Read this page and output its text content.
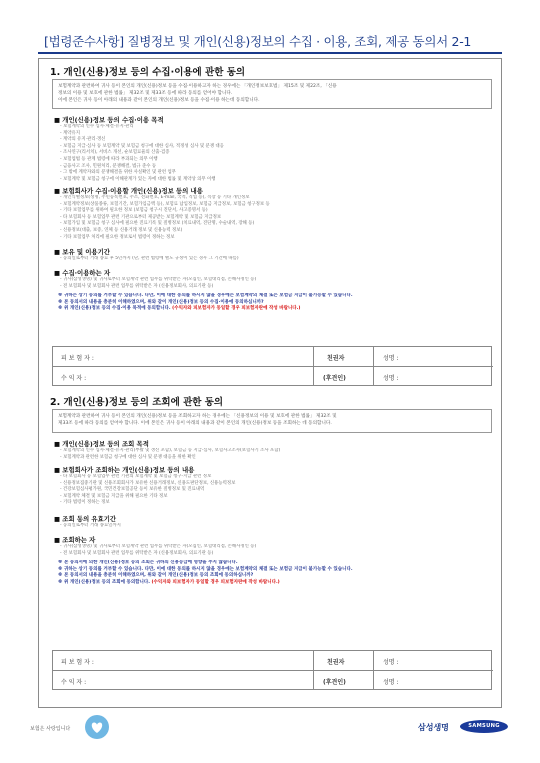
[법령준수사항] 질병정보 및 개인(신용)정보의 수집 · 이용, 조회, 제공 동의서 2-1
1. 개인(신용)정보 등의 수집·이용에 관한 동의
보험계약과 관련하여 귀사 등이 본인의 개인(신용)정보 등을 수집·이용하고자 하는 경우에는 「개인정보보호법」 제15조 및 제22조, 「신용
정보의 이용 및 보호에 관한 법률」 제32조 및 제33조 등에 따라 동의를 얻어야 합니다.
이에 본인은 귀사 등이 아래의 내용과 같이 본인의 개인(신용)정보 등을 수집·이용 하는데 동의합니다.
■ 개인(신용)정보 등의 수집·이용 목적
- 보험계약의 인수 심사·체결·유지·관리
- 계약유지
- 계약의 유지·관리·갱신
- 보험금 지급·심사 등 보험계약 및 보험금 청구에 대한 심사, 적정성 심사 및 분쟁 대응
- 조사연구(리서치), 서비스 개선, 순보험료율의 산출·검증
- 보험업법 등 관계 법령에 따라 부과되는 의무 이행
- 금융사고 조사, 민원처리, 분쟁해결, 법규 준수 등
- 그 밖에 계약자와의 분쟁해결을 위한 사실확인 및 관련 업무
- 보험계약 및 보험금 청구에 이해관계가 있는 자에 대한 법률 및 계약상 의무 이행
■ 보험회사가 수집·이용할 개인(신용)정보 등의 내용
- 개인식별정보(성명, 주민등록번호, 주소, 전화번호, E-mail, 국적, 직업 등), 직장 등 기타 개인정보
- 보험계약정보(상품종류, 보험기간, 보험가입금액 등), 보험료 납입정보, 보험금 지급정보, 보험금 청구정보 등
- 기타 보험업무를 위하여 필요한 정보 (보험금 청구시 진단서, 사고증명서 등)
- 타 보험회사 등 보험업무 관련 기관으로부터 제공받는 보험계약 및 보험금 지급정보
- 보험가입 및 보험금 청구 심사에 필요한 진료기록 및 질병정보 (치료내역, 진단명, 수술내역, 장해 등)
- 신용정보(대출, 보증, 연체 등 신용거래 정보 및 신용능력 정보)
- 기타 보험업무 처리에 필요한 정보로서 법령이 정하는 정보
■ 보유 및 이용기간
- 동의일로부터 거래 종료 후 5년까지 (단, 관련 법령에 별도 규정이 있는 경우 그 기간에 따름)
■ 수집·이용하는 자
- 귀사(삼성생명) 및 귀사로부터 보험계약 관련 업무를 위탁받은 자(모집인, 보험대리점, 손해사정인 등)
- 전 보험회사 및 보험회사 관련 업무를 위탁받은 자 (신용정보회사, 의료기관 등)
※ 귀하는 상기 동의를 거부할 수 있습니다. 다만, 이에 대한 동의를 하시지 않을 경우에는 보험계약의 체결 또는 보험금 지급이 불가능할 수 있습니다.
※ 본 동의서의 내용을 충분히 이해하였으며, 위와 같이 개인(신용)정보 등의 수집·이용에 동의하십니까?
※ 위 개인(신용)정보 등의 수집·이용 목적에 동의합니다. (수익자와 피보험자가 동일할 경우 피보험자란에 작성 바랍니다.)
피 보 험 자 :
수 익 자 :
친권자
(후견인)
성명 :
성명 :
2. 개인(신용)정보 등의 조회에 관한 동의
보험계약과 관련하여 귀사 등이 본인의 개인(신용)정보 등을 조회하고자 하는 경우에는 「신용정보의 이용 및 보호에 관한 법률」 제32조 및
제33조 등에 따라 동의를 얻어야 합니다. 이에 본인은 귀사 등이 아래의 내용과 같이 본인의 개인(신용)정보 등을 조회하는 데 동의합니다.
■ 개인(신용)정보 등의 조회 목적
- 보험계약의 인수 심사·체결·유지·관리(부활 및 갱신 포함), 보험금 등 지급·심사, 보험사고조사(보험사기 조사 포함)
- 보험계약과 관련한 보험금 청구에 대한 심사 및 분쟁 대응을 위한 확인
■ 보험회사가 조회하는 개인(신용)정보 등의 내용
- 타 보험회사 등 보험업무 관련 기관의 보험계약 및 보험금 청구·지급 관련 정보
- 신용정보집중기관 및 신용조회회사가 보유한 신용거래정보, 신용도판단정보, 신용능력정보
- 건강보험심사평가원, 국민건강보험공단 등이 보유한 질병정보 및 진료내역
- 보험계약 체결 및 보험금 지급을 위해 필요한 기타 정보
- 기타 법령이 정하는 정보
■ 조회 동의 유효기간
- 동의일로부터 거래 종료일까지
■ 조회하는 자
- 귀사(삼성생명) 및 귀사로부터 보험계약 관련 업무를 위탁받은 자(모집인, 보험대리점, 손해사정인 등)
- 전 보험회사 및 보험회사 관련 업무를 위탁받은 자 (신용정보회사, 의료기관 등)
※ 본 동의서에 의한 개인(신용)정보 등의 조회는 귀하의 신용등급에 영향을 주지 않습니다.
※ 귀하는 상기 동의를 거부할 수 있습니다. 다만, 이에 대한 동의를 하시지 않을 경우에는 보험계약의 체결 또는 보험금 지급이 불가능할 수 있습니다.
※ 본 동의서의 내용을 충분히 이해하였으며, 위와 같이 개인(신용)정보 등의 조회에 동의하십니까?
※ 위 개인(신용)정보 등의 조회에 동의합니다. (수익자와 피보험자가 동일할 경우 피보험자란에 작성 바랍니다.)
피 보 험 자 :
수 익 자 :
친권자
(후견인)
성명 :
성명 :
보험은 사랑입니다	삼성생명	SAMSUNG
